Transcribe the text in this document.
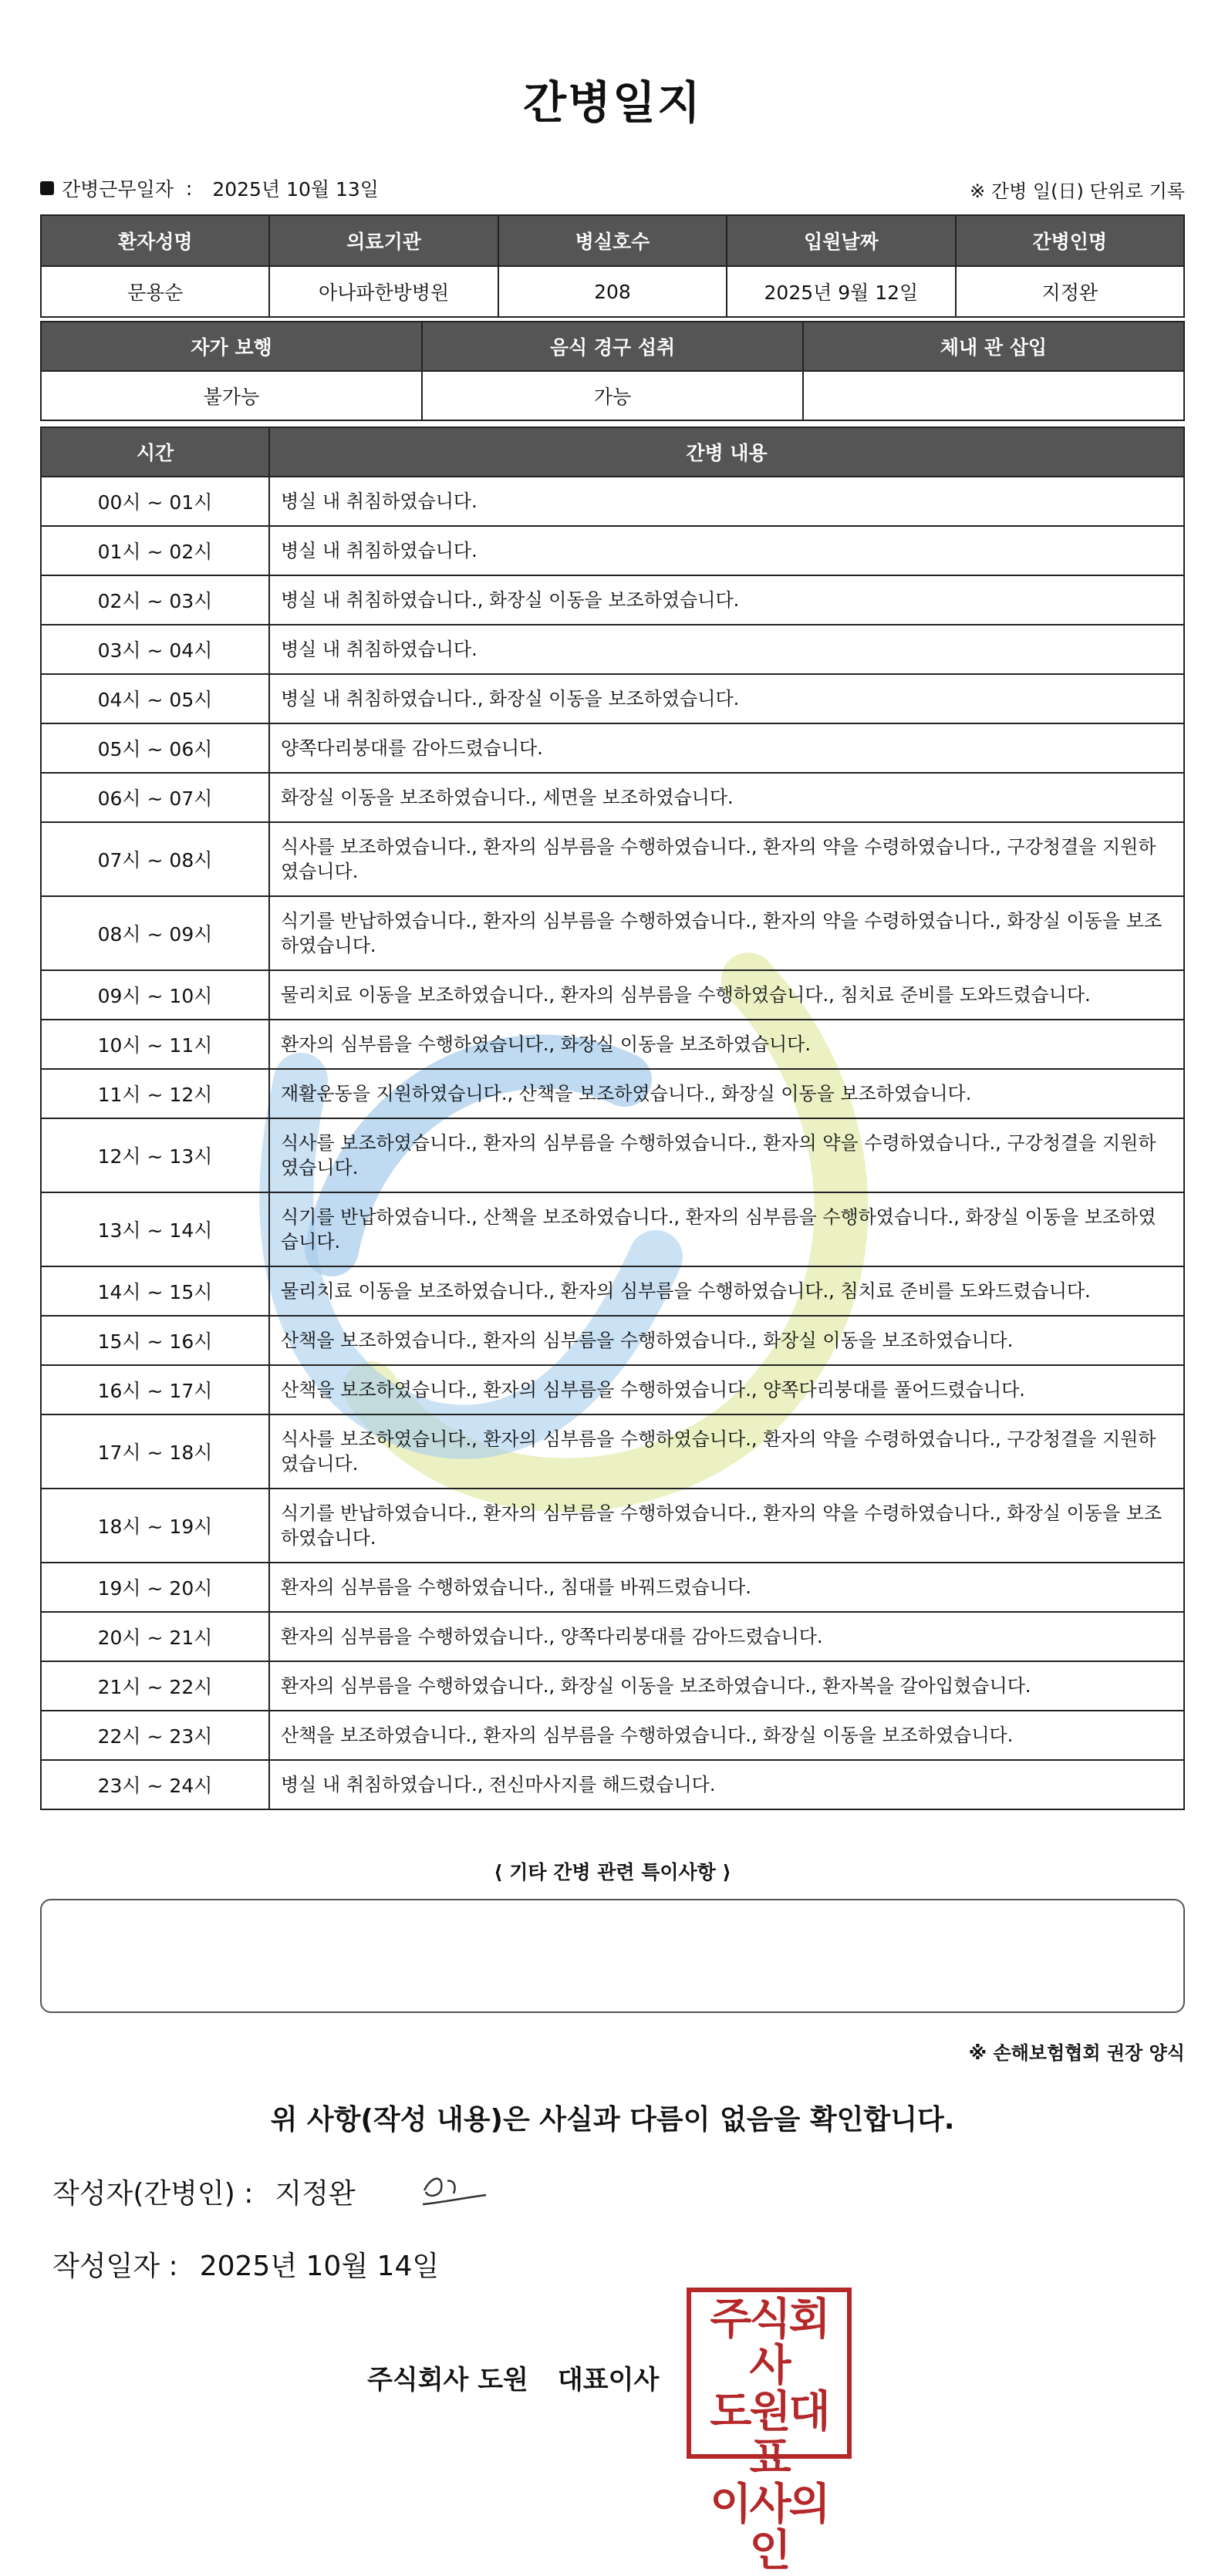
간병일지
간병근무일자 : 2025년 10월 13일	※ 간병 일(日) 단위로 기록
환자성명	의료기관	병실호수	입원날짜	간병인명
문용순	아나파한방병원	208	2025년 9월 12일	지정완
자가 보행	음식 경구 섭취	체내 관 삽입
불가능	가능	
시간	간병 내용
00시 ~ 01시	병실 내 취침하였습니다.
01시 ~ 02시	병실 내 취침하였습니다.
02시 ~ 03시	병실 내 취침하였습니다., 화장실 이동을 보조하였습니다.
03시 ~ 04시	병실 내 취침하였습니다.
04시 ~ 05시	병실 내 취침하였습니다., 화장실 이동을 보조하였습니다.
05시 ~ 06시	양쪽다리붕대를 감아드렸습니다.
06시 ~ 07시	화장실 이동을 보조하였습니다., 세면을 보조하였습니다.
07시 ~ 08시	식사를 보조하였습니다., 환자의 심부름을 수행하였습니다., 환자의 약을 수령하였습니다., 구강청결을 지원하였습니다.
08시 ~ 09시	식기를 반납하였습니다., 환자의 심부름을 수행하였습니다., 환자의 약을 수령하였습니다., 화장실 이동을 보조하였습니다.
09시 ~ 10시	물리치료 이동을 보조하였습니다., 환자의 심부름을 수행하였습니다., 침치료 준비를 도와드렸습니다.
10시 ~ 11시	환자의 심부름을 수행하였습니다., 화장실 이동을 보조하였습니다.
11시 ~ 12시	재활운동을 지원하였습니다., 산책을 보조하였습니다., 화장실 이동을 보조하였습니다.
12시 ~ 13시	식사를 보조하였습니다., 환자의 심부름을 수행하였습니다., 환자의 약을 수령하였습니다., 구강청결을 지원하였습니다.
13시 ~ 14시	식기를 반납하였습니다., 산책을 보조하였습니다., 환자의 심부름을 수행하였습니다., 화장실 이동을 보조하였습니다.
14시 ~ 15시	물리치료 이동을 보조하였습니다., 환자의 심부름을 수행하였습니다., 침치료 준비를 도와드렸습니다.
15시 ~ 16시	산책을 보조하였습니다., 환자의 심부름을 수행하였습니다., 화장실 이동을 보조하였습니다.
16시 ~ 17시	산책을 보조하였습니다., 환자의 심부름을 수행하였습니다., 양쪽다리붕대를 풀어드렸습니다.
17시 ~ 18시	식사를 보조하였습니다., 환자의 심부름을 수행하였습니다., 환자의 약을 수령하였습니다., 구강청결을 지원하였습니다.
18시 ~ 19시	식기를 반납하였습니다., 환자의 심부름을 수행하였습니다., 환자의 약을 수령하였습니다., 화장실 이동을 보조하였습니다.
19시 ~ 20시	환자의 심부름을 수행하였습니다., 침대를 바꿔드렸습니다.
20시 ~ 21시	환자의 심부름을 수행하였습니다., 양쪽다리붕대를 감아드렸습니다.
21시 ~ 22시	환자의 심부름을 수행하였습니다., 화장실 이동을 보조하였습니다., 환자복을 갈아입혔습니다.
22시 ~ 23시	산책을 보조하였습니다., 환자의 심부름을 수행하였습니다., 화장실 이동을 보조하였습니다.
23시 ~ 24시	병실 내 취침하였습니다., 전신마사지를 해드렸습니다.
⟨ 기타 간병 관련 특이사항 ⟩
※ 손해보험협회 권장 양식
위 사항(작성 내용)은 사실과 다름이 없음을 확인합니다.
작성자(간병인) : 지정완
작성일자 : 2025년 10월 14일
주식회사 도원 대표이사
주식회사
도원대표
이사의인
